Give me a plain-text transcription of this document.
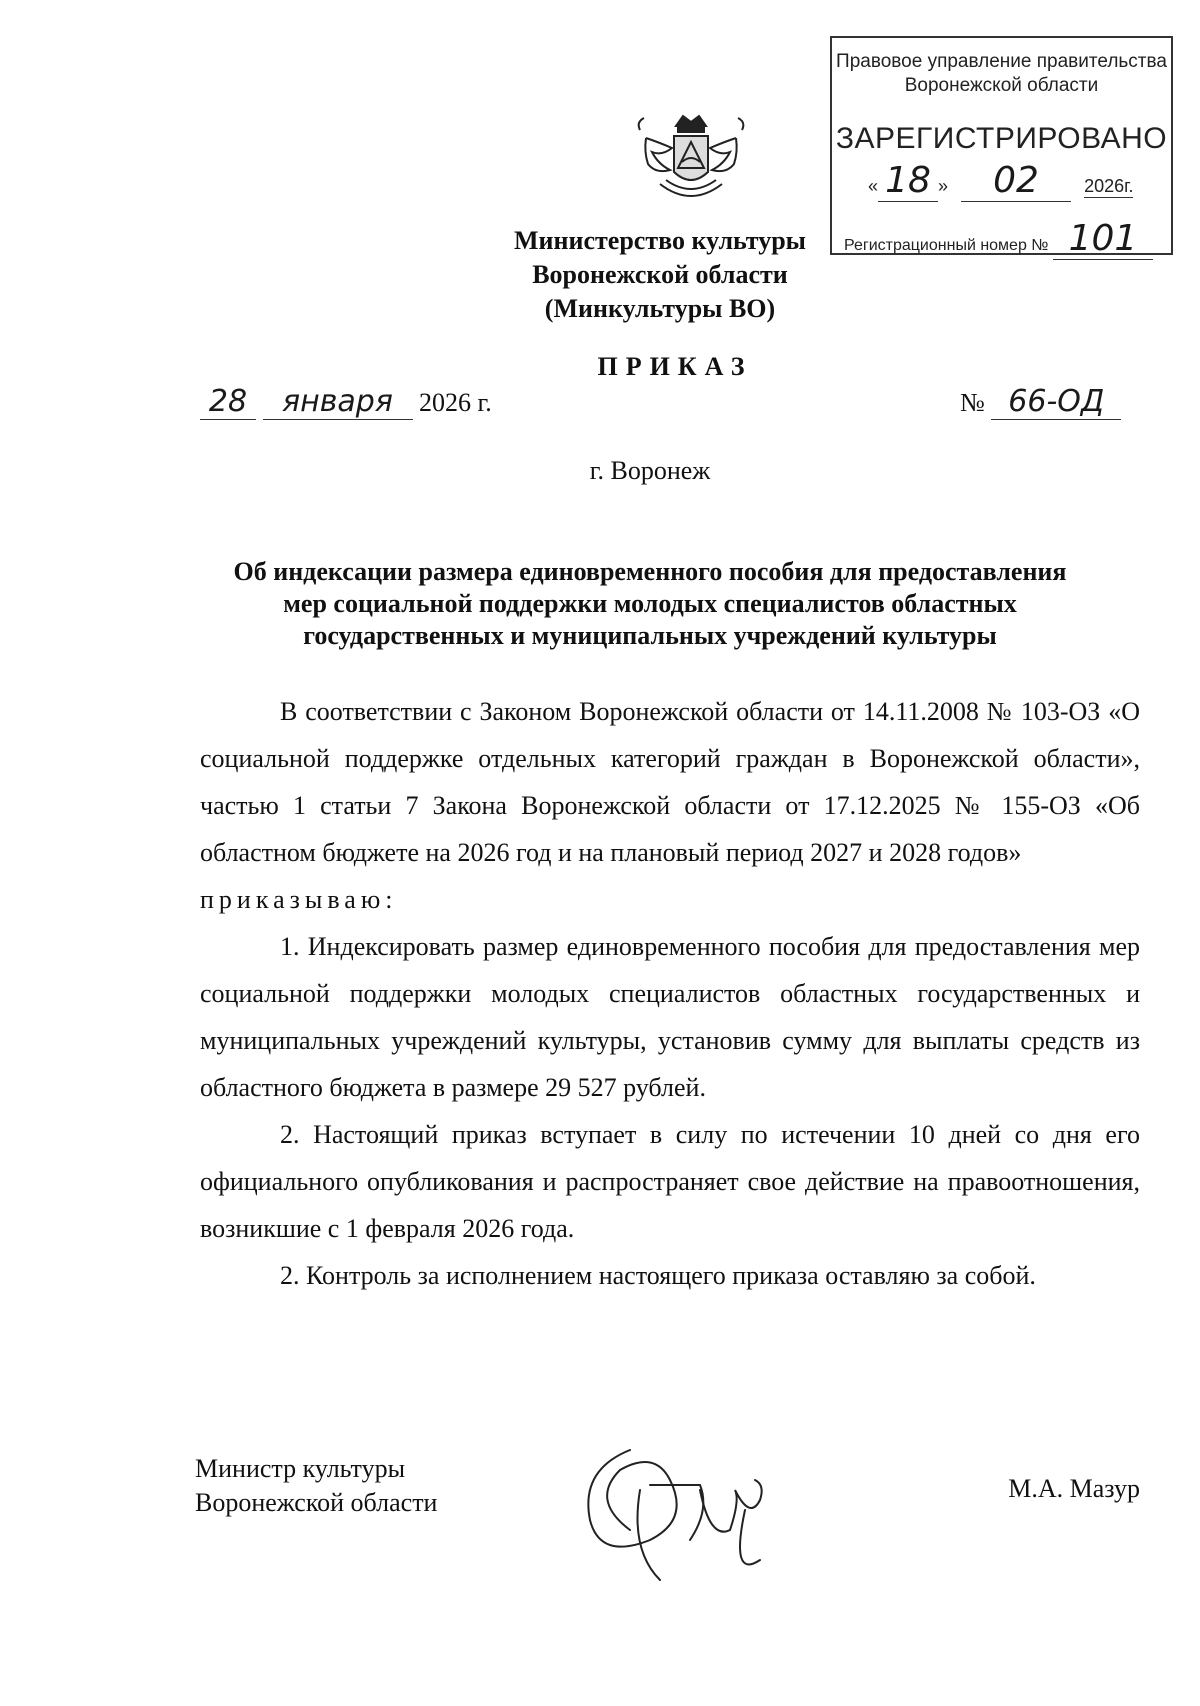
Правовое управление правительства
Воронежской области
ЗАРЕГИСТРИРОВАНО
« 18 » 02	2026г.
Регистрационный номер № 101
Министерство культуры
Воронежской области
(Минкультуры ВО)
ПРИКАЗ
28 января 2026 г.	№ 66-ОД
г. Воронеж
Об индексации размера единовременного пособия для предоставления
мер социальной поддержки молодых специалистов областных
государственных и муниципальных учреждений культуры

В соответствии с Законом Воронежской области от 14.11.2008 № 103-ОЗ «О социальной поддержке отдельных категорий граждан в Воронежской области», частью 1 статьи 7 Закона Воронежской области от 17.12.2025 № 155-ОЗ «Об областном бюджете на 2026 год и на плановый период 2027 и 2028 годов»

приказываю:

1. Индексировать размер единовременного пособия для предоставления мер социальной поддержки молодых специалистов областных государственных и муниципальных учреждений культуры, установив сумму для выплаты средств из областного бюджета в размере 29 527 рублей.

2. Настоящий приказ вступает в силу по истечении 10 дней со дня его официального опубликования и распространяет свое действие на правоотношения, возникшие с 1 февраля 2026 года.

2. Контроль за исполнением настоящего приказа оставляю за собой.

Министр культуры
Воронежской области	М.А. Мазур
